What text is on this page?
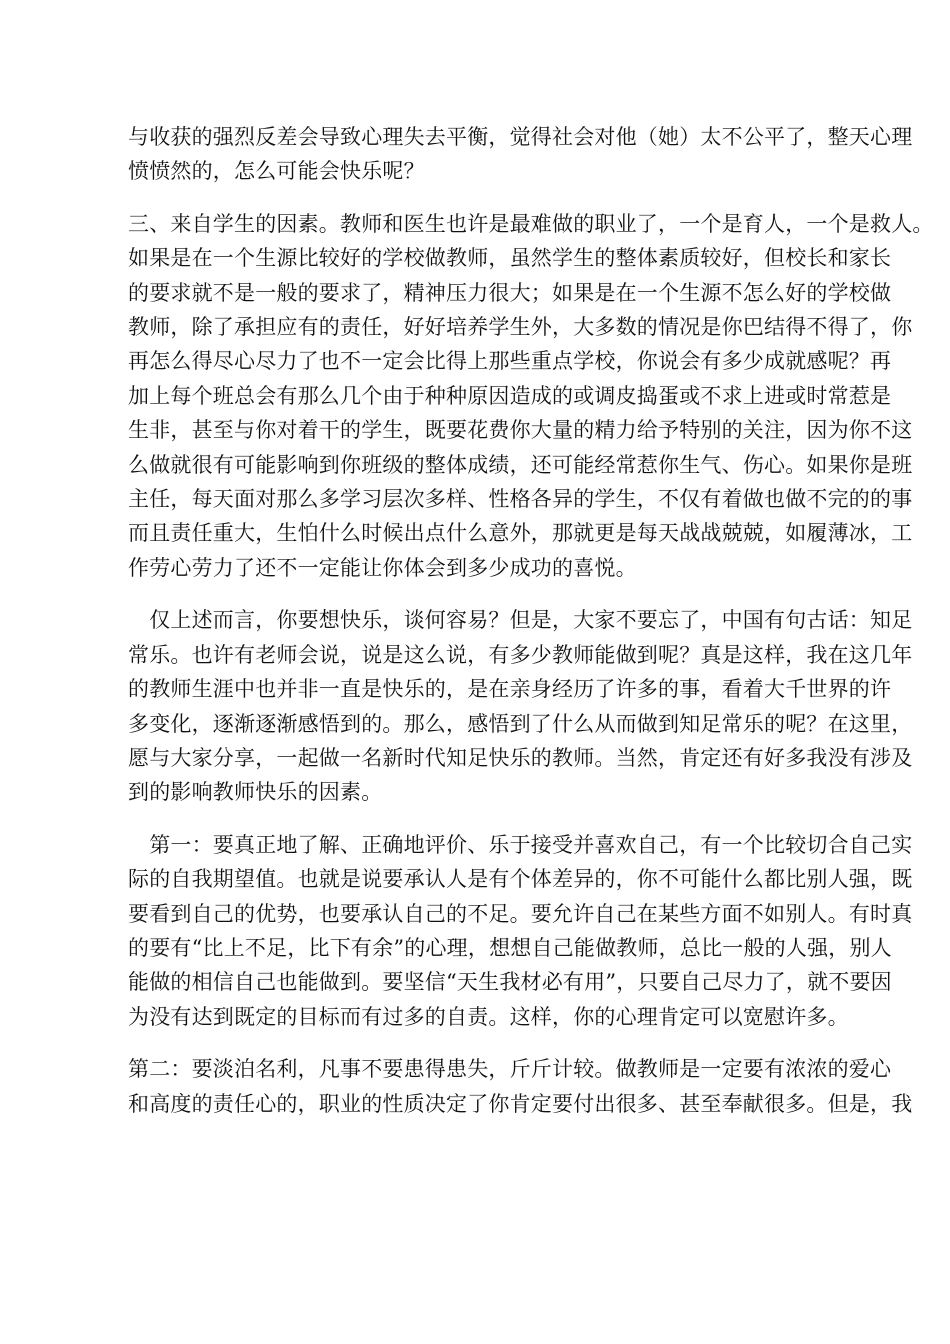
与收获的强烈反差会导致心理失去平衡，觉得社会对他（她）太不公平了，整天心理
愤愤然的，怎么可能会快乐呢？

三、来自学生的因素。教师和医生也许是最难做的职业了，一个是育人，一个是救人。
如果是在一个生源比较好的学校做教师，虽然学生的整体素质较好，但校长和家长
的要求就不是一般的要求了，精神压力很大；如果是在一个生源不怎么好的学校做
教师，除了承担应有的责任，好好培养学生外，大多数的情况是你巴结得不得了，你
再怎么得尽心尽力了也不一定会比得上那些重点学校，你说会有多少成就感呢？再
加上每个班总会有那么几个由于种种原因造成的或调皮捣蛋或不求上进或时常惹是
生非，甚至与你对着干的学生，既要花费你大量的精力给予特别的关注，因为你不这
么做就很有可能影响到你班级的整体成绩，还可能经常惹你生气、伤心。如果你是班
主任，每天面对那么多学习层次多样、性格各异的学生，不仅有着做也做不完的的事
而且责任重大，生怕什么时候出点什么意外，那就更是每天战战兢兢，如履薄冰，工
作劳心劳力了还不一定能让你体会到多少成功的喜悦。

　仅上述而言，你要想快乐，谈何容易？但是，大家不要忘了，中国有句古话：知足
常乐。也许有老师会说，说是这么说，有多少教师能做到呢？真是这样，我在这几年
的教师生涯中也并非一直是快乐的，是在亲身经历了许多的事，看着大千世界的许
多变化，逐渐逐渐感悟到的。那么，感悟到了什么从而做到知足常乐的呢？在这里，
愿与大家分享，一起做一名新时代知足快乐的教师。当然，肯定还有好多我没有涉及
到的影响教师快乐的因素。

　第一：要真正地了解、正确地评价、乐于接受并喜欢自己，有一个比较切合自己实
际的自我期望值。也就是说要承认人是有个体差异的，你不可能什么都比别人强，既
要看到自己的优势，也要承认自己的不足。要允许自己在某些方面不如别人。有时真
的要有“比上不足，比下有余”的心理，想想自己能做教师，总比一般的人强，别人
能做的相信自己也能做到。要坚信“天生我材必有用”，只要自己尽力了，就不要因
为没有达到既定的目标而有过多的自责。这样，你的心理肯定可以宽慰许多。

第二：要淡泊名利，凡事不要患得患失，斤斤计较。做教师是一定要有浓浓的爱心
和高度的责任心的，职业的性质决定了你肯定要付出很多、甚至奉献很多。但是，我
